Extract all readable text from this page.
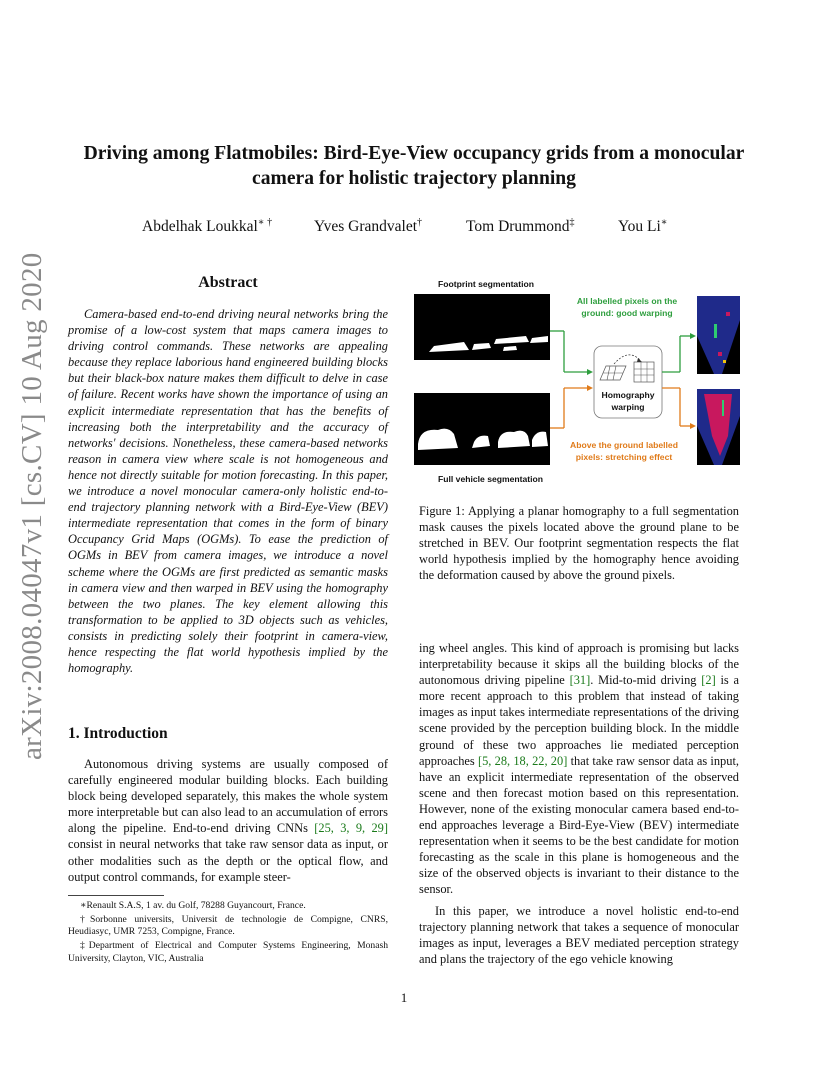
arXiv:2008.04047v1 [cs.CV] 10 Aug 2020
Driving among Flatmobiles: Bird-Eye-View occupancy grids from a monocular camera for holistic trajectory planning
Abdelhak Loukkal∗ †	Yves Grandvalet†	Tom Drummond‡	You Li∗
Abstract
Camera-based end-to-end driving neural networks bring the promise of a low-cost system that maps camera images to driving control commands. These networks are appealing because they replace laborious hand engineered building blocks but their black-box nature makes them difficult to delve in case of failure. Recent works have shown the importance of using an explicit intermediate representation that has the benefits of increasing both the interpretability and the accuracy of networks' decisions. Nonetheless, these camera-based networks reason in camera view where scale is not homogeneous and hence not directly suitable for motion forecasting. In this paper, we introduce a novel monocular camera-only holistic end-to-end trajectory planning network with a Bird-Eye-View (BEV) intermediate representation that comes in the form of binary Occupancy Grid Maps (OGMs). To ease the prediction of OGMs in BEV from camera images, we introduce a novel scheme where the OGMs are first predicted as semantic masks in camera view and then warped in BEV using the homography between the two planes. The key element allowing this transformation to be applied to 3D objects such as vehicles, consists in predicting solely their footprint in camera-view, hence respecting the flat world hypothesis implied by the homography.
1. Introduction
Autonomous driving systems are usually composed of carefully engineered modular building blocks. Each building block being developed separately, this makes the whole system more interpretable but can also lead to an accumulation of errors along the pipeline. End-to-end driving CNNs [25, 3, 9, 29] consist in neural networks that take raw sensor data as input, or other modalities such as the depth or the optical flow, and output control commands, for example steer-

∗Renault S.A.S, 1 av. du Golf, 78288 Guyancourt, France.

†Sorbonne universits, Universit de technologie de Compigne, CNRS, Heudiasyc, UMR 7253, Compigne, France.

‡Department of Electrical and Computer Systems Engineering, Monash University, Clayton, VIC, Australia

Footprint segmentation
Full vehicle segmentation
Homography
warping
All labelled pixels on the
ground: good warping
Above the ground labelled
pixels: stretching effect
Figure 1: Applying a planar homography to a full segmentation mask causes the pixels located above the ground plane to be stretched in BEV. Our footprint segmentation respects the flat world hypothesis implied by the homography hence avoiding the deformation caused by above the ground pixels.
ing wheel angles. This kind of approach is promising but lacks interpretability because it skips all the building blocks of the autonomous driving pipeline [31]. Mid-to-mid driving [2] is a more recent approach to this problem that instead of taking images as input takes intermediate representations of the driving scene provided by the perception building block. In the middle ground of these two approaches lie mediated perception approaches [5, 28, 18, 22, 20] that take raw sensor data as input, have an explicit intermediate representation of the observed scene and then forecast motion based on this representation. However, none of the existing monocular camera based end-to-end approaches leverage a Bird-Eye-View (BEV) intermediate representation when it seems to be the best candidate for motion forecasting as the scale in this plane is homogeneous and the size of the observed objects is invariant to their distance to the sensor.
In this paper, we introduce a novel holistic end-to-end trajectory planning network that takes a sequence of monocular images as input, leverages a BEV mediated perception strategy and plans the trajectory of the ego vehicle knowing
1
